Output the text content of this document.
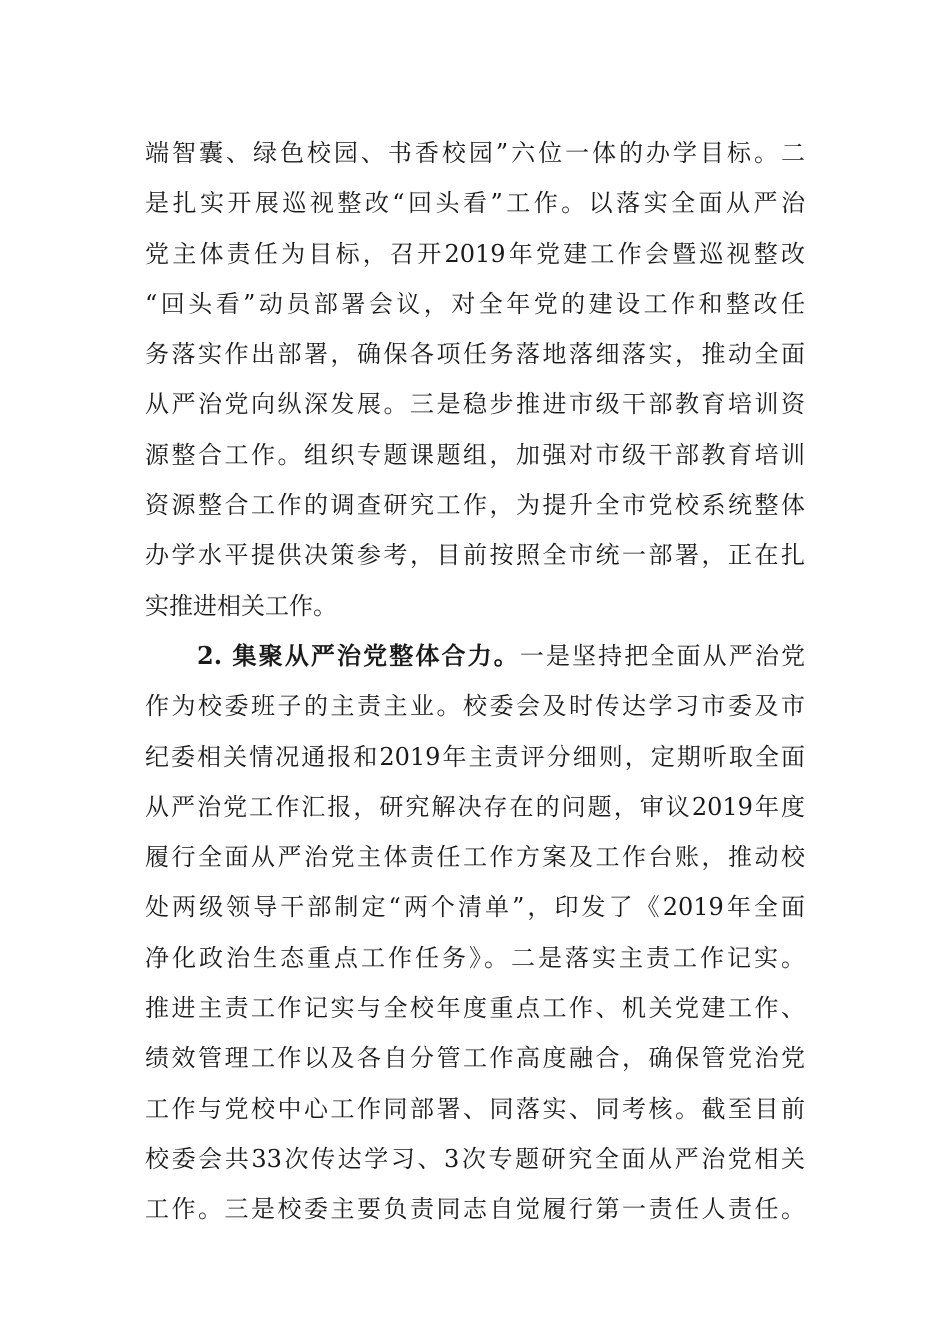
端智囊、绿色校园、书香校园”六位一体的办学目标。二
是扎实开展巡视整改“回头看”工作。以落实全面从严治
党主体责任为目标，召开2019年党建工作会暨巡视整改
“回头看”动员部署会议，对全年党的建设工作和整改任
务落实作出部署，确保各项任务落地落细落实，推动全面
从严治党向纵深发展。三是稳步推进市级干部教育培训资
源整合工作。组织专题课题组，加强对市级干部教育培训
资源整合工作的调查研究工作，为提升全市党校系统整体
办学水平提供决策参考，目前按照全市统一部署，正在扎
实推进相关工作。
2. 集聚从严治党整体合力。一是坚持把全面从严治党
作为校委班子的主责主业。校委会及时传达学习市委及市
纪委相关情况通报和2019年主责评分细则，定期听取全面
从严治党工作汇报，研究解决存在的问题，审议2019年度
履行全面从严治党主体责任工作方案及工作台账，推动校
处两级领导干部制定“两个清单”，印发了《2019年全面
净化政治生态重点工作任务》。二是落实主责工作记实。
推进主责工作记实与全校年度重点工作、机关党建工作、
绩效管理工作以及各自分管工作高度融合，确保管党治党
工作与党校中心工作同部署、同落实、同考核。截至目前
校委会共33次传达学习、3次专题研究全面从严治党相关
工作。三是校委主要负责同志自觉履行第一责任人责任。
